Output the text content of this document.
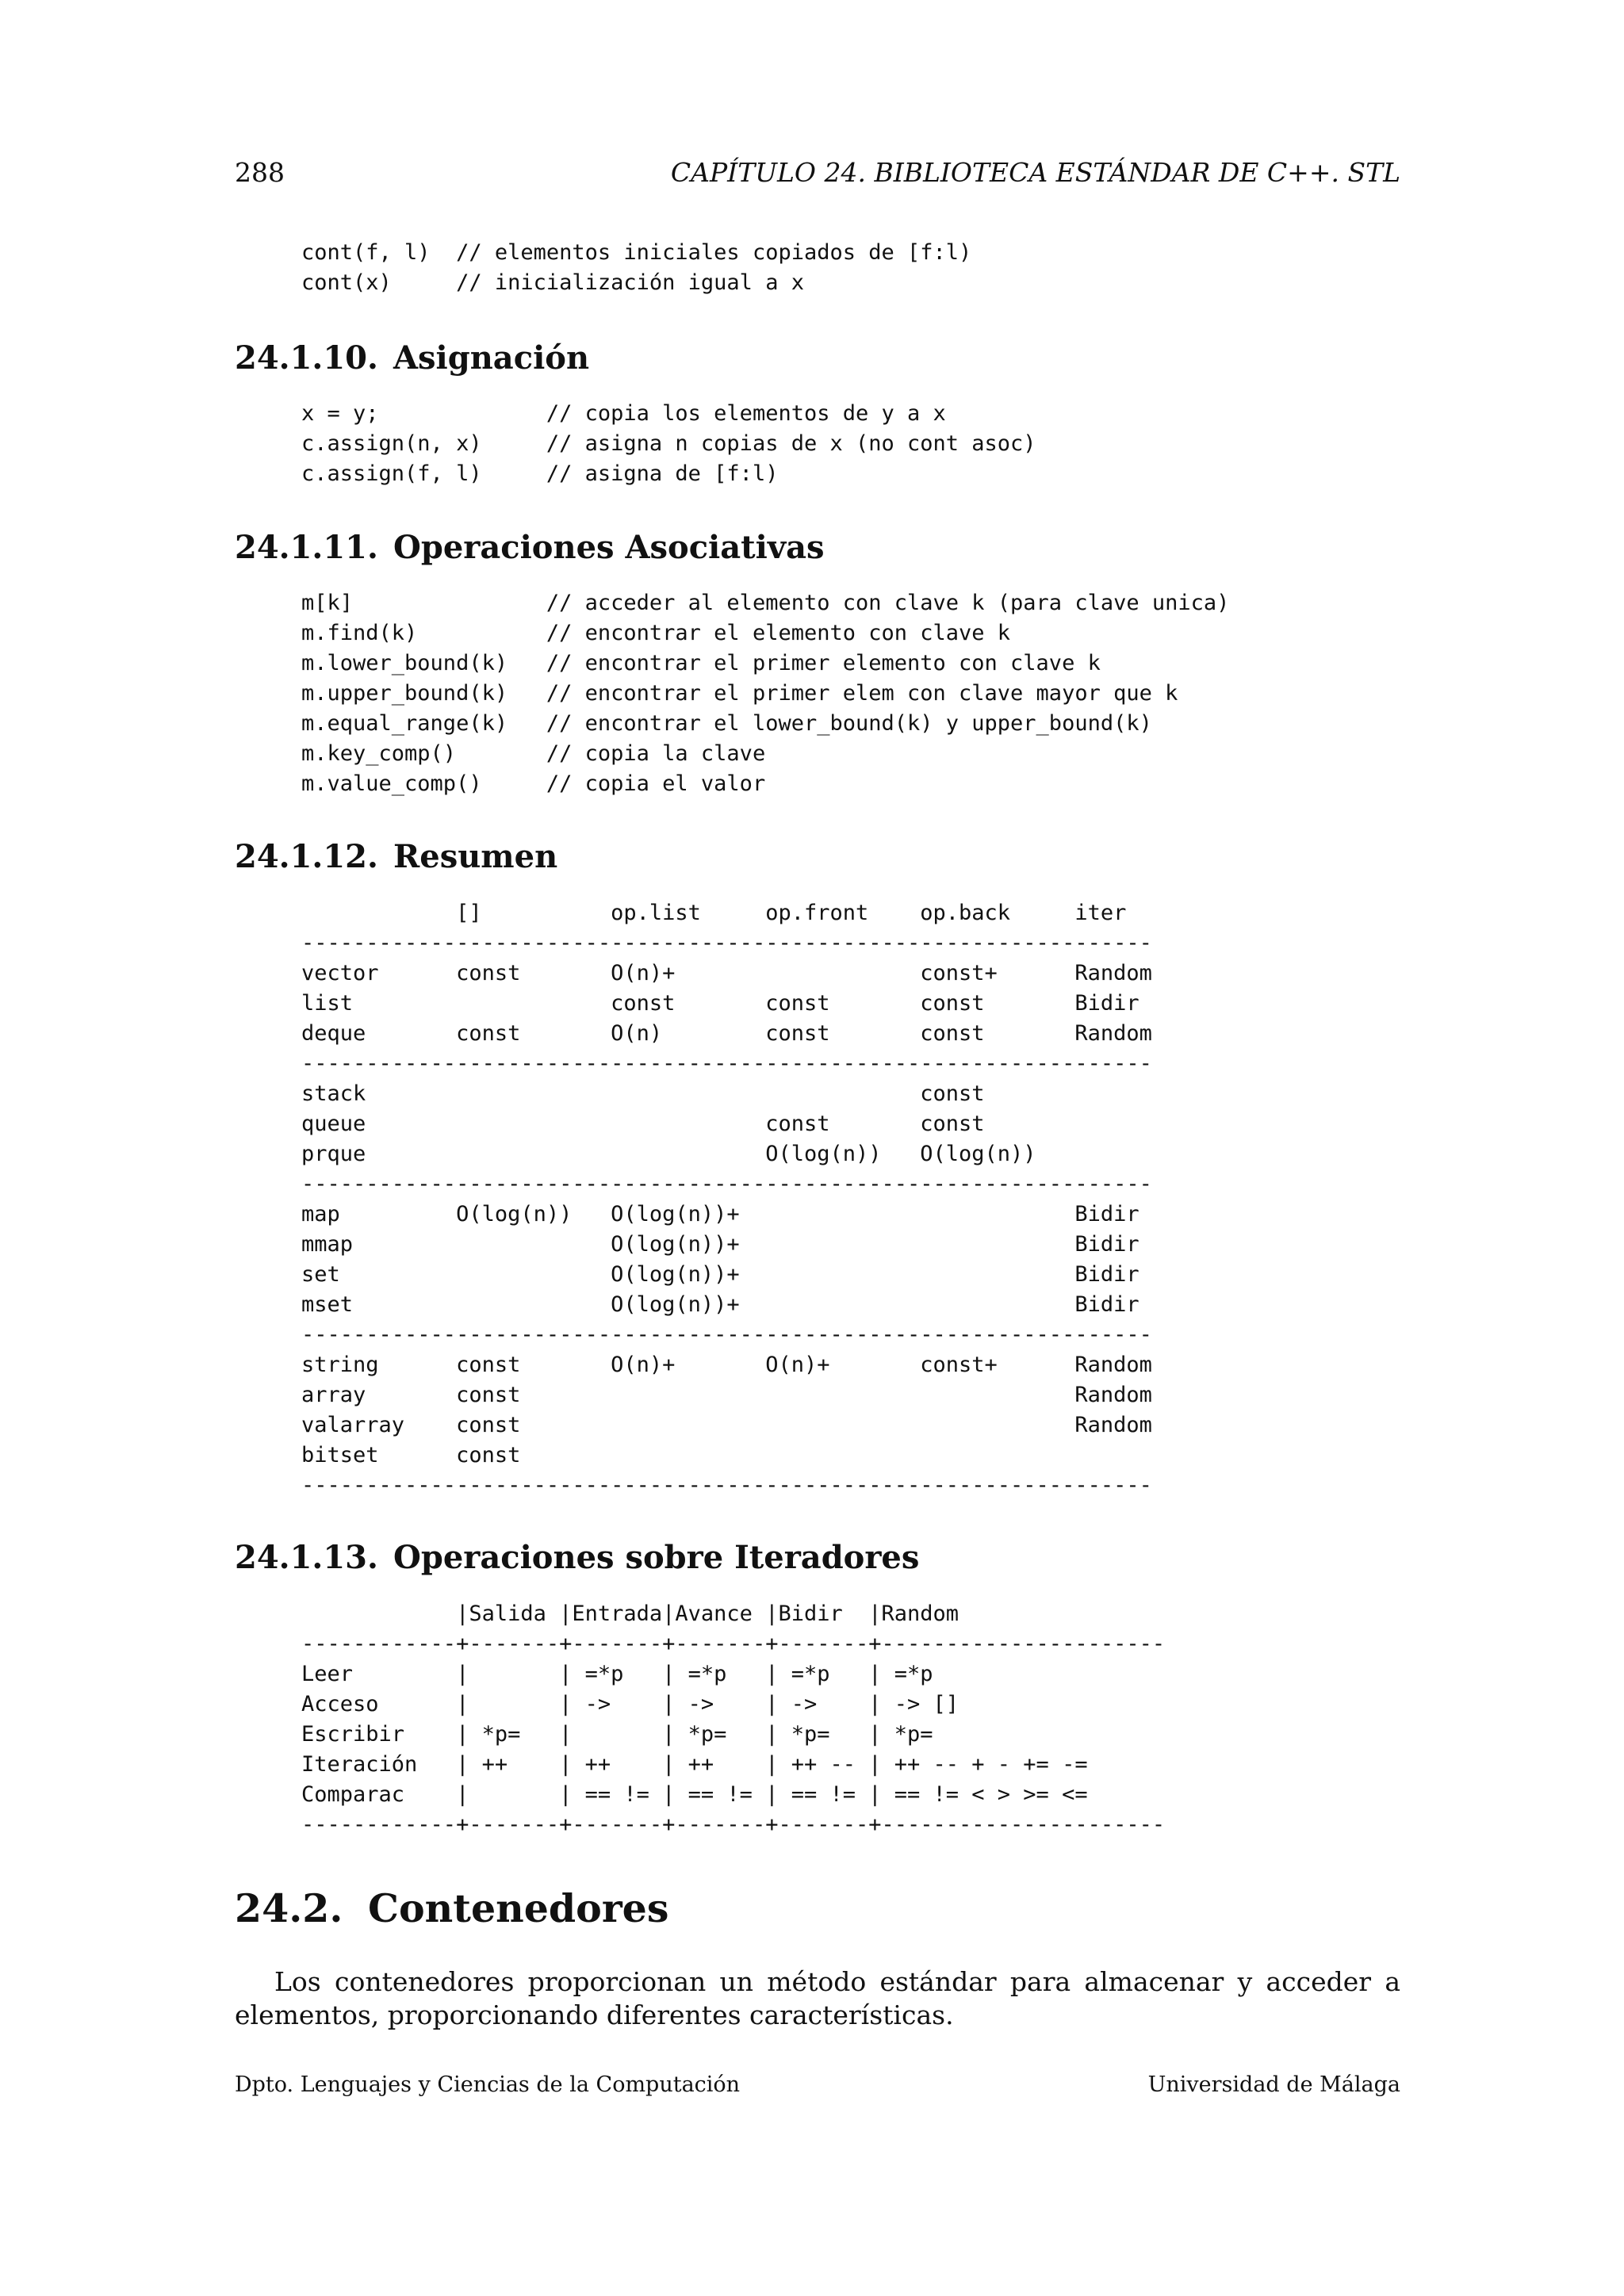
288	CAPÍTULO 24. BIBLIOTECA ESTÁNDAR DE C++. STL
cont(f, l)  // elementos iniciales copiados de [f:l)
cont(x)     // inicialización igual a x
24.1.10. Asignación
x = y;             // copia los elementos de y a x
c.assign(n, x)     // asigna n copias de x (no cont asoc)
c.assign(f, l)     // asigna de [f:l)
24.1.11. Operaciones Asociativas
m[k]               // acceder al elemento con clave k (para clave unica)
m.find(k)          // encontrar el elemento con clave k
m.lower_bound(k)   // encontrar el primer elemento con clave k
m.upper_bound(k)   // encontrar el primer elem con clave mayor que k
m.equal_range(k)   // encontrar el lower_bound(k) y upper_bound(k)
m.key_comp()       // copia la clave
m.value_comp()     // copia el valor
24.1.12. Resumen
[]          op.list     op.front    op.back     iter
------------------------------------------------------------------
vector      const       O(n)+                   const+      Random
list                    const       const       const       Bidir
deque       const       O(n)        const       const       Random
------------------------------------------------------------------
stack                                           const
queue                               const       const
prque                               O(log(n))   O(log(n))
------------------------------------------------------------------
map         O(log(n))   O(log(n))+                          Bidir
mmap                    O(log(n))+                          Bidir
set                     O(log(n))+                          Bidir
mset                    O(log(n))+                          Bidir
------------------------------------------------------------------
string      const       O(n)+       O(n)+       const+      Random
array       const                                           Random
valarray    const                                           Random
bitset      const
------------------------------------------------------------------
24.1.13. Operaciones sobre Iteradores
|Salida |Entrada|Avance |Bidir  |Random
------------+-------+-------+-------+-------+----------------------
Leer        |       | =*p   | =*p   | =*p   | =*p
Acceso      |       | ->    | ->    | ->    | -> []
Escribir    | *p=   |       | *p=   | *p=   | *p=
Iteración   | ++    | ++    | ++    | ++ -- | ++ -- + - += -=
Comparac    |       | == != | == != | == != | == != < > >= <=
------------+-------+-------+-------+-------+----------------------
24.2. Contenedores

Los contenedores proporcionan un método estándar para almacenar y acceder a elementos, proporcionando diferentes características.

Dpto. Lenguajes y Ciencias de la Computación	Universidad de Málaga
